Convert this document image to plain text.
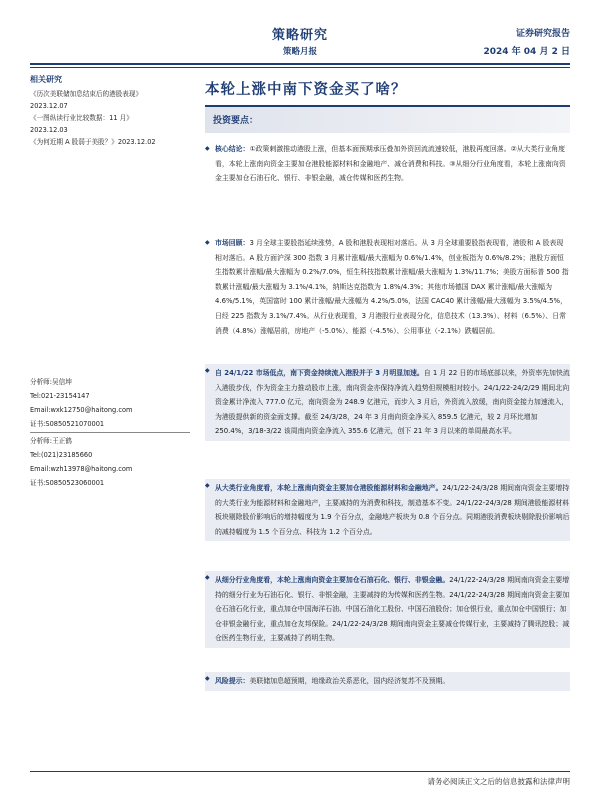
策略研究
策略月报
证券研究报告
2024 年 04 月 2 日
相关研究
《历次美联储加息结束后的港股表现》
2023.12.07
《一图纵读行业比较数据：11 月》
2023.12.03
《为何近期 A 股弱于美股？》2023.12.02
分析师:吴信坤
Tel:021-23154147
Email:wxk12750@haitong.com
证书:S0850521070001
分析师:王正鹤
Tel:(021)23185660
Email:wzh13978@haitong.com
证书:S0850523060001
本轮上涨中南下资金买了啥？
投资要点：
◆ 核心结论：①政策刺激推动港股上涨，但基本面预期承压叠加外资回流流速较低，港股再度回落。②从大类行业角度看，本轮上涨南向资金主要加仓港股能源材料和金融地产、减仓消费和科技。③从细分行业角度看，本轮上涨南向资金主要加仓石油石化、银行、非银金融，减仓传媒和医药生物。
◆ 市场回顾：3 月全球主要股指延续涨势，A 股和港股表现相对落后。从 3 月全球重要股指表现看，港股和 A 股表现相对落后。A 股方面沪深 300 指数 3 月累计涨幅/最大涨幅为 0.6%/1.4%，创业板指为 0.6%/8.2%；港股方面恒生指数累计涨幅/最大涨幅为 0.2%/7.0%，恒生科技指数累计涨幅/最大涨幅为 1.3%/11.7%；美股方面标普 500 指数累计涨幅/最大涨幅为 3.1%/4.1%，纳斯达克指数为 1.8%/4.3%；其他市场德国 DAX 累计涨幅/最大涨幅为 4.6%/5.1%，英国富时 100 累计涨幅/最大涨幅为 4.2%/5.0%，法国 CAC40 累计涨幅/最大涨幅为 3.5%/4.5%，日经 225 指数为 3.1%/7.4%。从行业表现看，3 月港股行业表现分化，信息技术（13.3%）、材料（6.5%）、日常消费（4.8%）涨幅居前，房地产（-5.0%）、能源（-4.5%）、公用事业（-2.1%）跌幅居前。
◆ 自 24/1/22 市场低点，南下资金持续流入港股并于 3 月明显加速。自 1 月 22 日的市场底部以来，外资率先加快流入港股步伐，作为资金主力推动股市上涨，南向资金亦保持净流入趋势但规模相对较小。24/1/22-24/2/29 期间北向资金累计净流入 777.0 亿元，南向资金为 248.9 亿港元，而步入 3 月后，外资流入放缓，南向资金接力加速流入，为港股提供新的资金面支撑。截至 24/3/28，24 年 3 月南向资金净买入 859.5 亿港元，较 2 月环比增加 250.4%，3/18-3/22 该周南向资金净流入 355.6 亿港元，创下 21 年 3 月以来的单周最高水平。
◆ 从大类行业角度看，本轮上涨南向资金主要加仓港股能源材料和金融地产。24/1/22-24/3/28 期间南向资金主要增持的大类行业为能源材料和金融地产，主要减持的为消费和科技，制造基本不变。24/1/22-24/3/28 期间港股能源材料板块剔除股价影响后的增持幅度为 1.9 个百分点，金融地产板块为 0.8 个百分点。同期港股消费板块剔除股价影响后的减持幅度为 1.5 个百分点、科技为 1.2 个百分点。
◆ 从细分行业角度看，本轮上涨南向资金主要加仓石油石化、银行、非银金融。24/1/22-24/3/28 期间南向资金主要增持的细分行业为石油石化、银行、非银金融，主要减持的为传媒和医药生物。24/1/22-24/3/28 期间南向资金主要加仓石油石化行业，重点加仓中国海洋石油、中国石油化工股份、中国石油股份；加仓银行业，重点加仓中国银行；加仓非银金融行业，重点加仓友邦保险。24/1/22-24/3/28 期间南向资金主要减仓传媒行业，主要减持了腾讯控股；减仓医药生物行业，主要减持了药明生物。
◆ 风险提示：美联储加息超预期，地缘政治关系恶化，国内经济复苏不及预期。
请务必阅读正文之后的信息披露和法律声明
